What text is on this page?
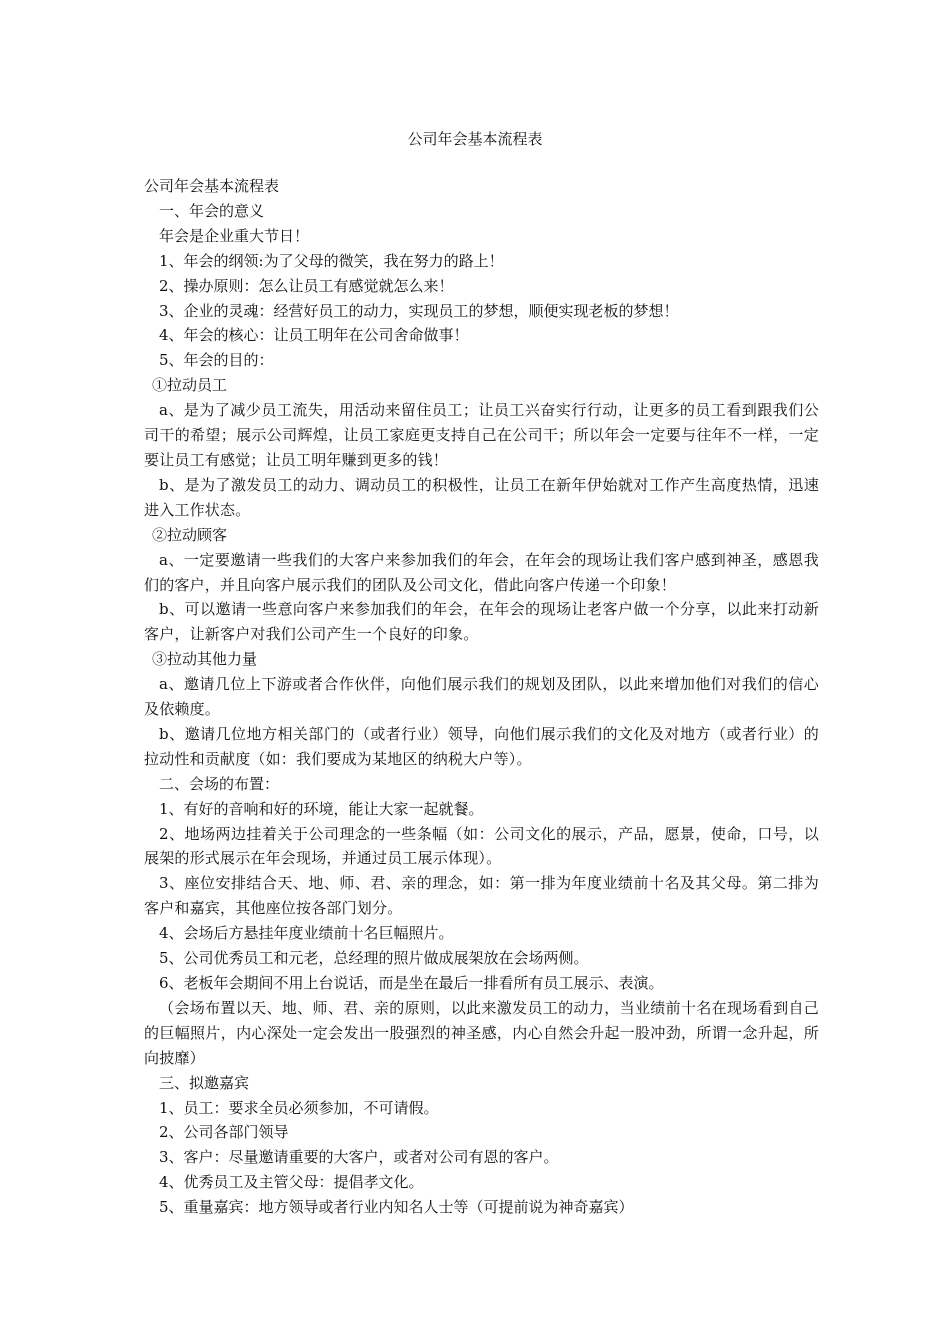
公司年会基本流程表

公司年会基本流程表

一、年会的意义

年会是企业重大节日！

1、年会的纲领:为了父母的微笑，我在努力的路上！

2、操办原则：怎么让员工有感觉就怎么来！

3、企业的灵魂：经营好员工的动力，实现员工的梦想，顺便实现老板的梦想！

4、年会的核心：让员工明年在公司舍命做事！

5、年会的目的：

①拉动员工

a、是为了减少员工流失，用活动来留住员工；让员工兴奋实行行动，让更多的员工看到跟我们公司干的希望；展示公司辉煌，让员工家庭更支持自己在公司干；所以年会一定要与往年不一样，一定要让员工有感觉；让员工明年赚到更多的钱！

b、是为了激发员工的动力、调动员工的积极性，让员工在新年伊始就对工作产生高度热情，迅速进入工作状态。

②拉动顾客

a、一定要邀请一些我们的大客户来参加我们的年会，在年会的现场让我们客户感到神圣，感恩我们的客户，并且向客户展示我们的团队及公司文化，借此向客户传递一个印象！

b、可以邀请一些意向客户来参加我们的年会，在年会的现场让老客户做一个分享，以此来打动新客户，让新客户对我们公司产生一个良好的印象。

③拉动其他力量

a、邀请几位上下游或者合作伙伴，向他们展示我们的规划及团队，以此来增加他们对我们的信心及依赖度。

b、邀请几位地方相关部门的（或者行业）领导，向他们展示我们的文化及对地方（或者行业）的拉动性和贡献度（如：我们要成为某地区的纳税大户等）。

二、会场的布置：

1、有好的音响和好的环境，能让大家一起就餐。

2、地场两边挂着关于公司理念的一些条幅（如：公司文化的展示，产品，愿景，使命，口号，以展架的形式展示在年会现场，并通过员工展示体现）。

3、座位安排结合天、地、师、君、亲的理念，如：第一排为年度业绩前十名及其父母。第二排为客户和嘉宾，其他座位按各部门划分。

4、会场后方悬挂年度业绩前十名巨幅照片。

5、公司优秀员工和元老，总经理的照片做成展架放在会场两侧。

6、老板年会期间不用上台说话，而是坐在最后一排看所有员工展示、表演。

（会场布置以天、地、师、君、亲的原则，以此来激发员工的动力，当业绩前十名在现场看到自己的巨幅照片，内心深处一定会发出一股强烈的神圣感，内心自然会升起一股冲劲，所谓一念升起，所向披靡）

三、拟邀嘉宾

1、员工：要求全员必须参加，不可请假。

2、公司各部门领导

3、客户：尽量邀请重要的大客户，或者对公司有恩的客户。

4、优秀员工及主管父母：提倡孝文化。

5、重量嘉宾：地方领导或者行业内知名人士等（可提前说为神奇嘉宾）
